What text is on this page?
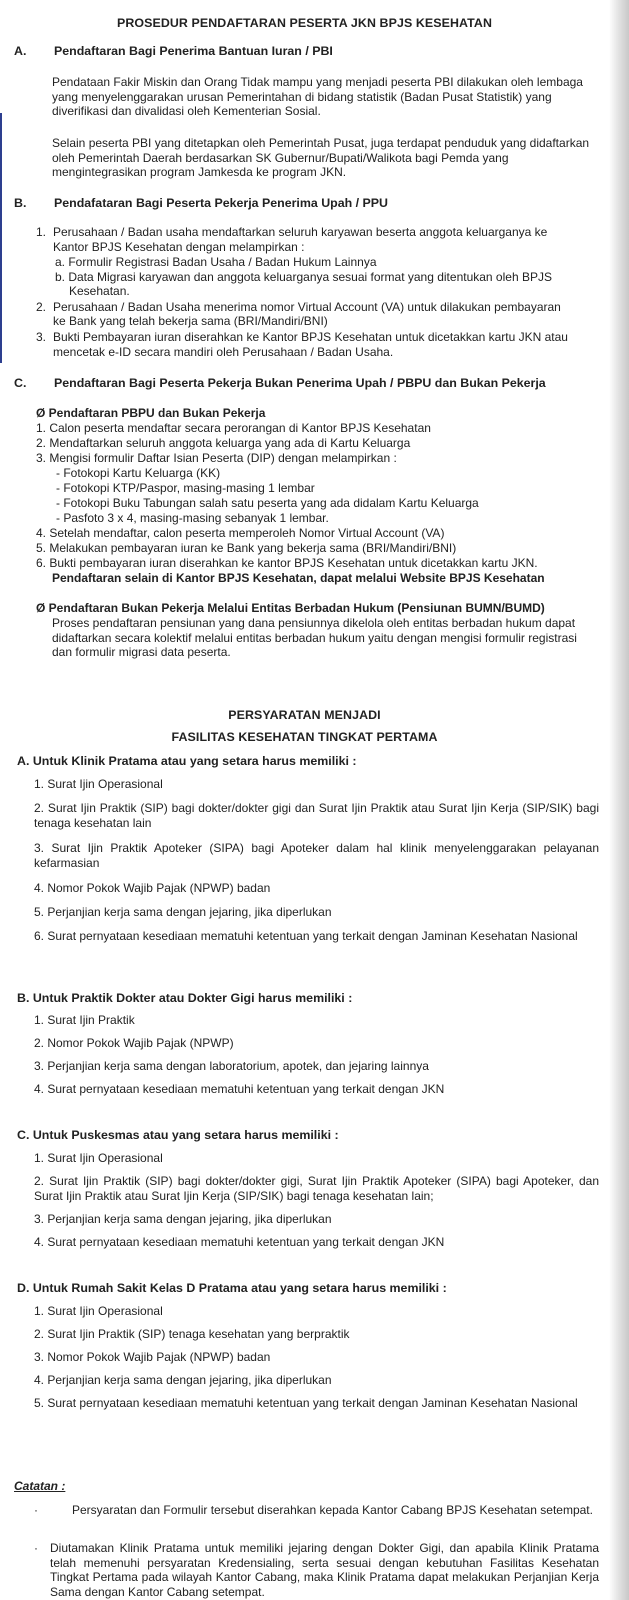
PROSEDUR PENDAFTARAN PESERTA JKN BPJS KESEHATAN
A. Pendaftaran Bagi Penerima Bantuan Iuran / PBI
Pendataan Fakir Miskin dan Orang Tidak mampu yang menjadi peserta PBI dilakukan oleh lembaga yang menyelenggarakan urusan Pemerintahan di bidang statistik (Badan Pusat Statistik) yang diverifikasi dan divalidasi oleh Kementerian Sosial.
Selain peserta PBI yang ditetapkan oleh Pemerintah Pusat, juga terdapat penduduk yang didaftarkan oleh Pemerintah Daerah berdasarkan SK Gubernur/Bupati/Walikota bagi Pemda yang mengintegrasikan program Jamkesda ke program JKN.
B. Pendafataran Bagi Peserta Pekerja Penerima Upah / PPU
1. Perusahaan / Badan usaha mendaftarkan seluruh karyawan beserta anggota keluarganya ke
Kantor BPJS Kesehatan dengan melampirkan :
a. Formulir Registrasi Badan Usaha / Badan Hukum Lainnya
b. Data Migrasi karyawan dan anggota keluarganya sesuai format yang ditentukan oleh BPJS
Kesehatan.
2. Perusahaan / Badan Usaha menerima nomor Virtual Account (VA) untuk dilakukan pembayaran
ke Bank yang telah bekerja sama (BRI/Mandiri/BNI)
3. Bukti Pembayaran iuran diserahkan ke Kantor BPJS Kesehatan untuk dicetakkan kartu JKN atau
mencetak e-ID secara mandiri oleh Perusahaan / Badan Usaha.
C. Pendaftaran Bagi Peserta Pekerja Bukan Penerima Upah / PBPU dan Bukan Pekerja
Ø Pendaftaran PBPU dan Bukan Pekerja
1. Calon peserta mendaftar secara perorangan di Kantor BPJS Kesehatan
2. Mendaftarkan seluruh anggota keluarga yang ada di Kartu Keluarga
3. Mengisi formulir Daftar Isian Peserta (DIP) dengan melampirkan :
- Fotokopi Kartu Keluarga (KK)
- Fotokopi KTP/Paspor, masing-masing 1 lembar
- Fotokopi Buku Tabungan salah satu peserta yang ada didalam Kartu Keluarga
- Pasfoto 3 x 4, masing-masing sebanyak 1 lembar.
4. Setelah mendaftar, calon peserta memperoleh Nomor Virtual Account (VA)
5. Melakukan pembayaran iuran ke Bank yang bekerja sama (BRI/Mandiri/BNI)
6. Bukti pembayaran iuran diserahkan ke kantor BPJS Kesehatan untuk dicetakkan kartu JKN.
Pendaftaran selain di Kantor BPJS Kesehatan, dapat melalui Website BPJS Kesehatan
Ø Pendaftaran Bukan Pekerja Melalui Entitas Berbadan Hukum (Pensiunan BUMN/BUMD)
Proses pendaftaran pensiunan yang dana pensiunnya dikelola oleh entitas berbadan hukum dapat didaftarkan secara kolektif melalui entitas berbadan hukum yaitu dengan mengisi formulir registrasi dan formulir migrasi data peserta.
PERSYARATAN MENJADI
FASILITAS KESEHATAN TINGKAT PERTAMA
A. Untuk Klinik Pratama atau yang setara harus memiliki :
1. Surat Ijin Operasional
2. Surat Ijin Praktik (SIP) bagi dokter/dokter gigi dan Surat Ijin Praktik atau Surat Ijin Kerja (SIP/SIK) bagi tenaga kesehatan lain
3. Surat Ijin Praktik Apoteker (SIPA) bagi Apoteker dalam hal klinik menyelenggarakan pelayanan kefarmasian
4. Nomor Pokok Wajib Pajak (NPWP) badan
5. Perjanjian kerja sama dengan jejaring, jika diperlukan
6. Surat pernyataan kesediaan mematuhi ketentuan yang terkait dengan Jaminan Kesehatan Nasional
B. Untuk Praktik Dokter atau Dokter Gigi harus memiliki :
1. Surat Ijin Praktik
2. Nomor Pokok Wajib Pajak (NPWP)
3. Perjanjian kerja sama dengan laboratorium, apotek, dan jejaring lainnya
4. Surat pernyataan kesediaan mematuhi ketentuan yang terkait dengan JKN
C. Untuk Puskesmas atau yang setara harus memiliki :
1. Surat Ijin Operasional
2. Surat Ijin Praktik (SIP) bagi dokter/dokter gigi, Surat Ijin Praktik Apoteker (SIPA) bagi Apoteker, dan Surat Ijin Praktik atau Surat Ijin Kerja (SIP/SIK) bagi tenaga kesehatan lain;
3. Perjanjian kerja sama dengan jejaring, jika diperlukan
4. Surat pernyataan kesediaan mematuhi ketentuan yang terkait dengan JKN
D. Untuk Rumah Sakit Kelas D Pratama atau yang setara harus memiliki :
1. Surat Ijin Operasional
2. Surat Ijin Praktik (SIP) tenaga kesehatan yang berpraktik
3. Nomor Pokok Wajib Pajak (NPWP) badan
4. Perjanjian kerja sama dengan jejaring, jika diperlukan
5. Surat pernyataan kesediaan mematuhi ketentuan yang terkait dengan Jaminan Kesehatan Nasional
Catatan :
·	Persyaratan dan Formulir tersebut diserahkan kepada Kantor Cabang BPJS Kesehatan setempat.
· Diutamakan Klinik Pratama untuk memiliki jejaring dengan Dokter Gigi, dan apabila Klinik Pratama telah memenuhi persyaratan Kredensialing, serta sesuai dengan kebutuhan Fasilitas Kesehatan Tingkat Pertama pada wilayah Kantor Cabang, maka Klinik Pratama dapat melakukan Perjanjian Kerja Sama dengan Kantor Cabang setempat.
